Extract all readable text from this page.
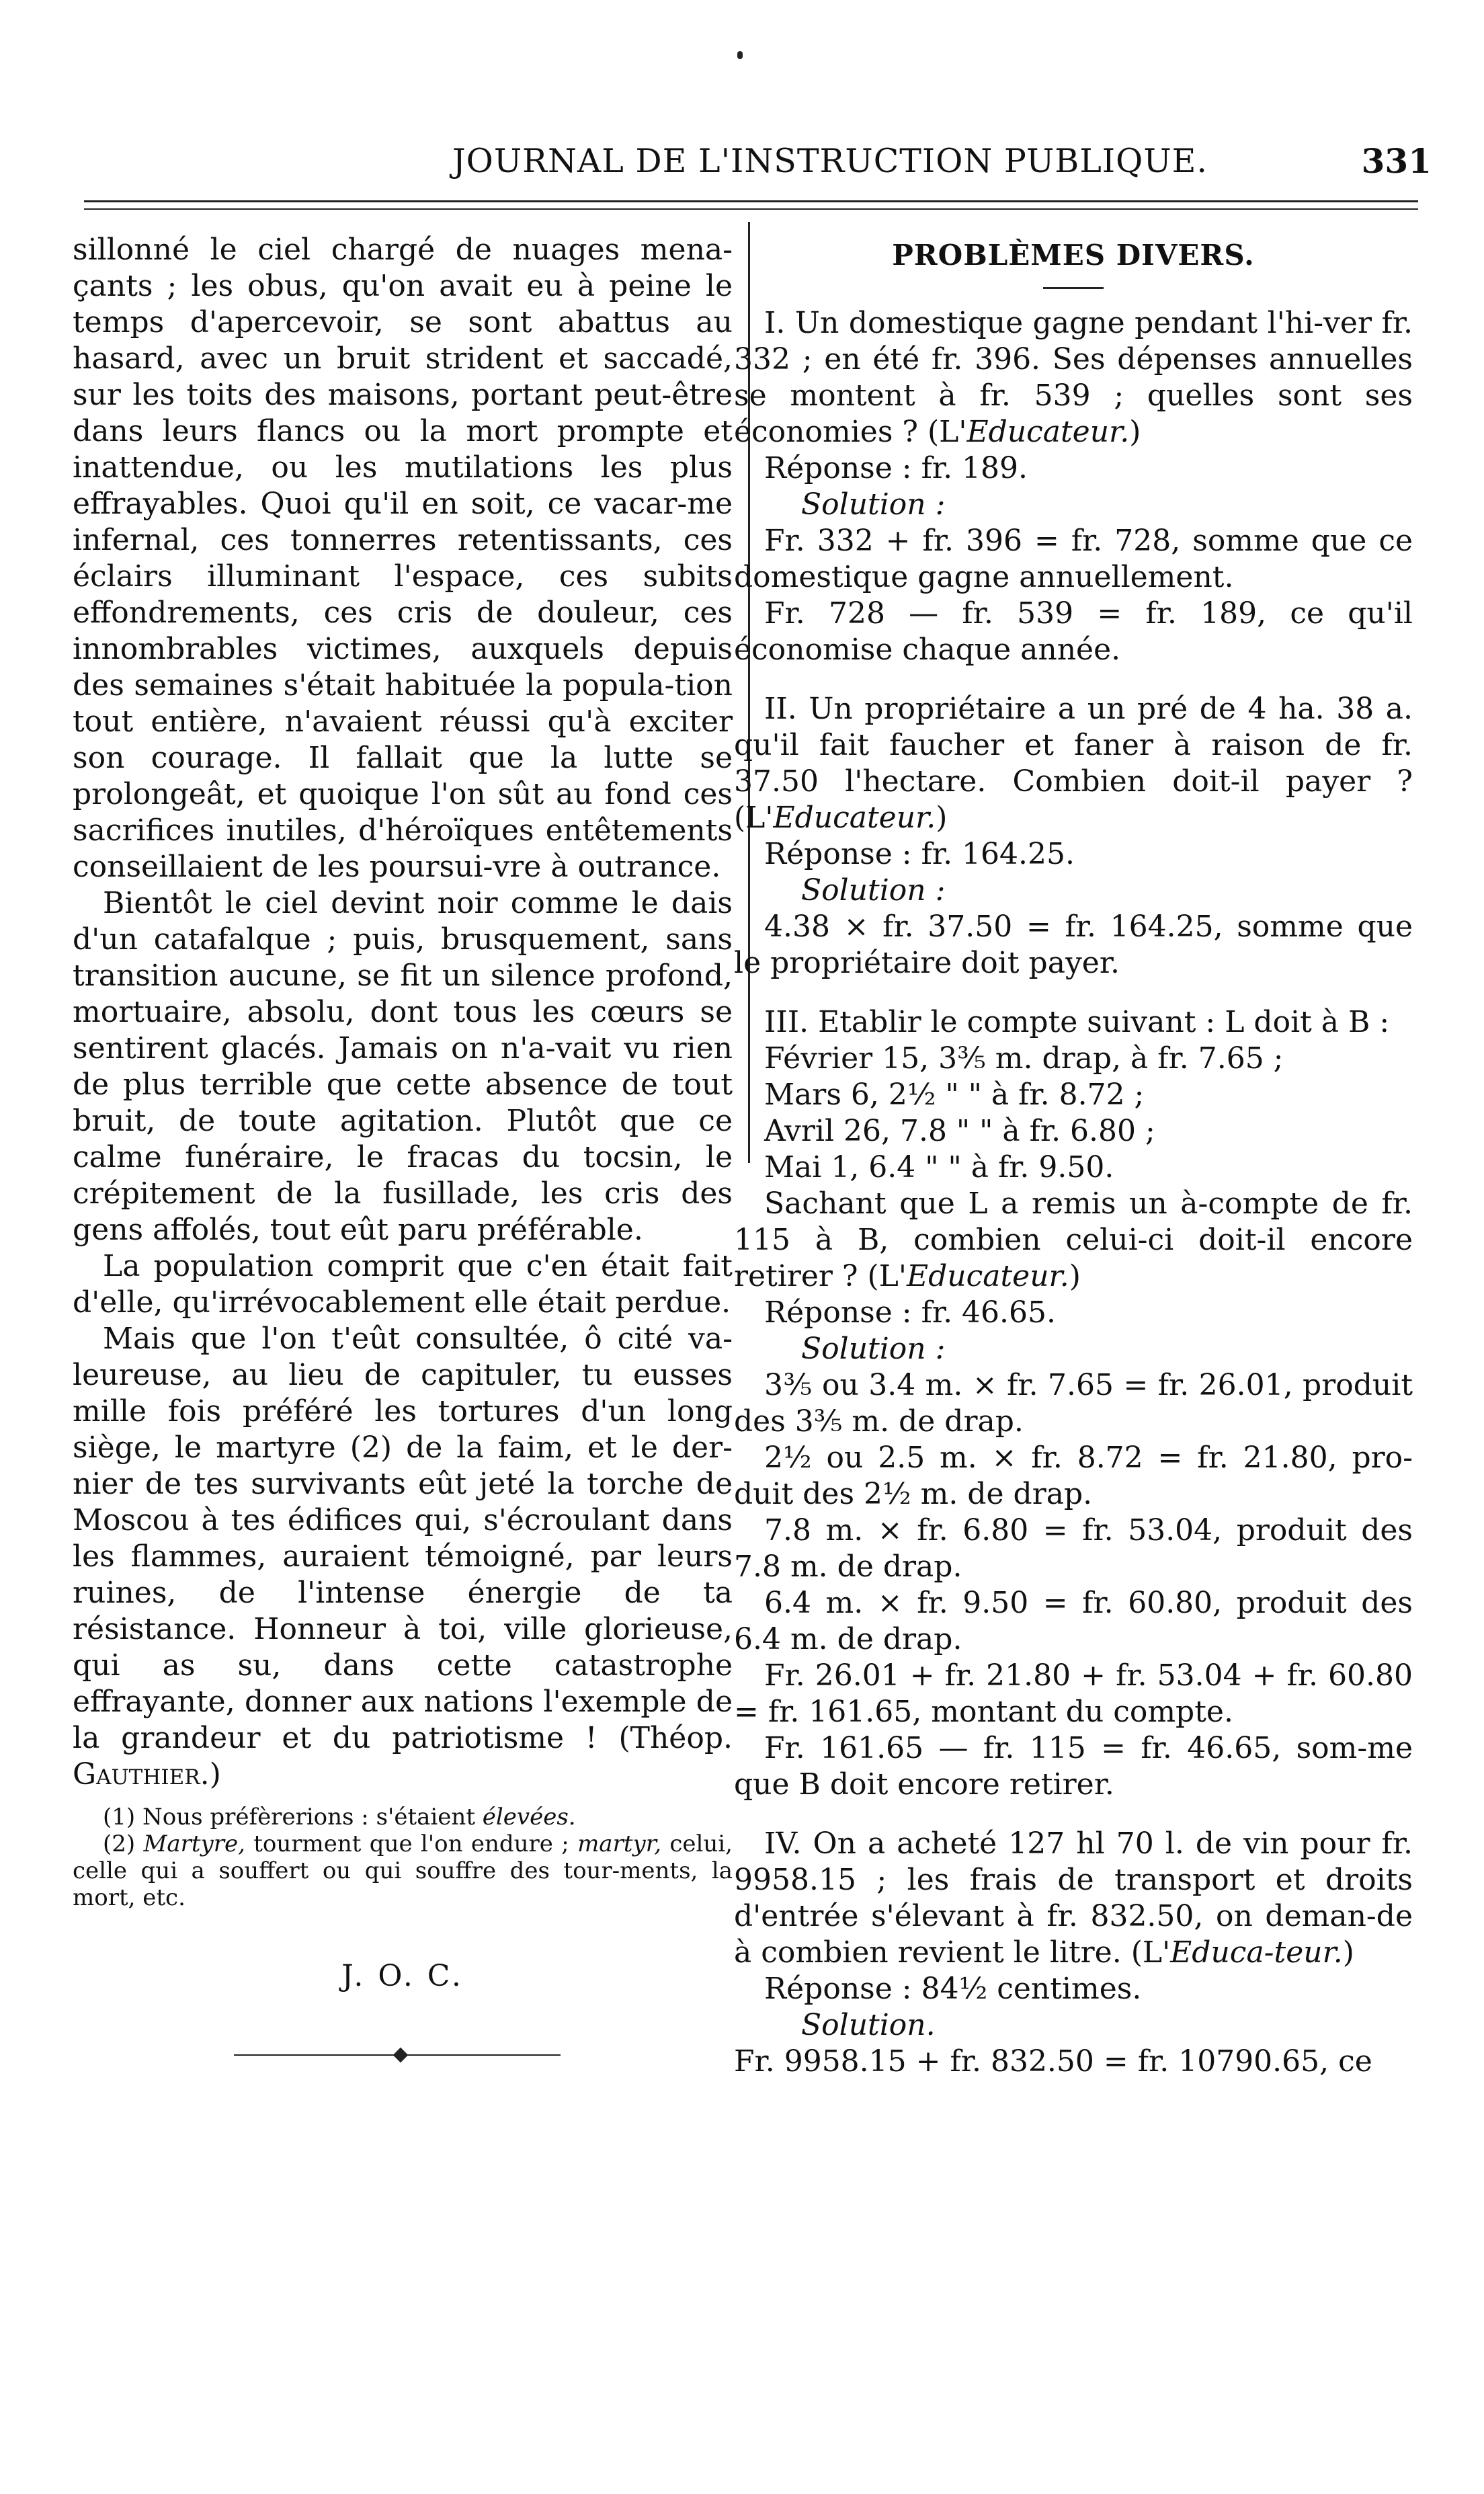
JOURNAL DE L'INSTRUCTION PUBLIQUE.	331

sillonné le ciel chargé de nuages mena-çants ; les obus, qu'on avait eu à peine le temps d'apercevoir, se sont abattus au hasard, avec un bruit strident et saccadé, sur les toits des maisons, portant peut-être dans leurs flancs ou la mort prompte et inattendue, ou les mutilations les plus effrayables. Quoi qu'il en soit, ce vacar-me infernal, ces tonnerres retentissants, ces éclairs illuminant l'espace, ces subits effondrements, ces cris de douleur, ces innombrables victimes, auxquels depuis des semaines s'était habituée la popula-tion tout entière, n'avaient réussi qu'à exciter son courage. Il fallait que la lutte se prolongeât, et quoique l'on sût au fond ces sacrifices inutiles, d'héroïques entêtements conseillaient de les poursui-vre à outrance.

Bientôt le ciel devint noir comme le dais d'un catafalque ; puis, brusquement, sans transition aucune, se fit un silence profond, mortuaire, absolu, dont tous les cœurs se sentirent glacés. Jamais on n'a-vait vu rien de plus terrible que cette absence de tout bruit, de toute agitation. Plutôt que ce calme funéraire, le fracas du tocsin, le crépitement de la fusillade, les cris des gens affolés, tout eût paru préférable.

La population comprit que c'en était fait d'elle, qu'irrévocablement elle était perdue.

Mais que l'on t'eût consultée, ô cité va-leureuse, au lieu de capituler, tu eusses mille fois préféré les tortures d'un long siège, le martyre (2) de la faim, et le der-nier de tes survivants eût jeté la torche de Moscou à tes édifices qui, s'écroulant dans les flammes, auraient témoigné, par leurs ruines, de l'intense énergie de ta résistance. Honneur à toi, ville glorieuse, qui as su, dans cette catastrophe effrayante, donner aux nations l'exemple de la grandeur et du patriotisme ! (Théop. Gauthier.)

(1) Nous préfèrerions : s'étaient élevées.

(2) Martyre, tourment que l'on endure ; martyr, celui, celle qui a souffert ou qui souffre des tour-ments, la mort, etc.

J. O. C.
PROBLÈMES DIVERS.

I. Un domestique gagne pendant l'hi-ver fr. 332 ; en été fr. 396. Ses dépenses annuelles se montent à fr. 539 ; quelles sont ses économies ? (L'Educateur.)

Réponse : fr. 189.

Solution :

Fr. 332 + fr. 396 = fr. 728, somme que ce domestique gagne annuellement.

Fr. 728 — fr. 539 = fr. 189, ce qu'il économise chaque année.

II. Un propriétaire a un pré de 4 ha. 38 a. qu'il fait faucher et faner à raison de fr. 37.50 l'hectare. Combien doit-il payer ? (L'Educateur.)

Réponse : fr. 164.25.

Solution :

4.38 × fr. 37.50 = fr. 164.25, somme que le propriétaire doit payer.

III. Etablir le compte suivant : L doit à B :

Février 15, 3⅗ m. drap, à fr. 7.65 ;

Mars 6, 2½ " " à fr. 8.72 ;

Avril 26, 7.8 " " à fr. 6.80 ;

Mai 1, 6.4 " " à fr. 9.50.

Sachant que L a remis un à-compte de fr. 115 à B, combien celui-ci doit-il encore retirer ? (L'Educateur.)

Réponse : fr. 46.65.

Solution :

3⅗ ou 3.4 m. × fr. 7.65 = fr. 26.01, produit des 3⅗ m. de drap.

2½ ou 2.5 m. × fr. 8.72 = fr. 21.80, pro-duit des 2½ m. de drap.

7.8 m. × fr. 6.80 = fr. 53.04, produit des 7.8 m. de drap.

6.4 m. × fr. 9.50 = fr. 60.80, produit des 6.4 m. de drap.

Fr. 26.01 + fr. 21.80 + fr. 53.04 + fr. 60.80 = fr. 161.65, montant du compte.

Fr. 161.65 — fr. 115 = fr. 46.65, som-me que B doit encore retirer.

IV. On a acheté 127 hl 70 l. de vin pour fr. 9958.15 ; les frais de transport et droits d'entrée s'élevant à fr. 832.50, on deman-de à combien revient le litre. (L'Educa-teur.)

Réponse : 84½ centimes.

Solution.

Fr. 9958.15 + fr. 832.50 = fr. 10790.65, ce
